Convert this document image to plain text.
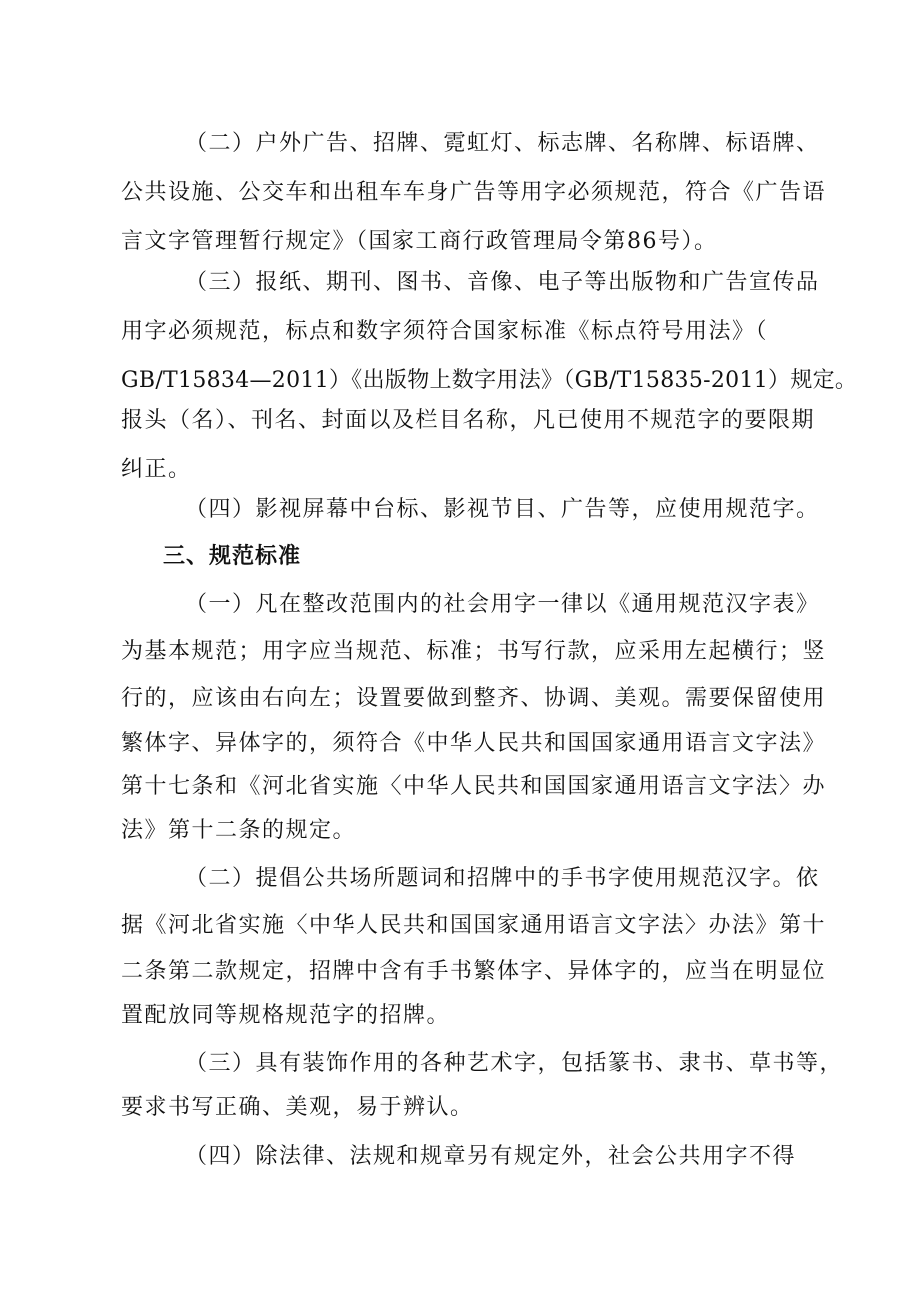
（二）户外广告、招牌、霓虹灯、标志牌、名称牌、标语牌、

公共设施、公交车和出租车车身广告等用字必须规范，符合《广告语

言文字管理暂行规定》（国家工商行政管理局令第86号）。

（三）报纸、期刊、图书、音像、电子等出版物和广告宣传品

用字必须规范，标点和数字须符合国家标准《标点符号用法》（

GB/T15834—2011）《出版物上数字用法》（GB/T15835-2011）规定。

报头（名）、刊名、封面以及栏目名称，凡已使用不规范字的要限期

纠正。

（四）影视屏幕中台标、影视节目、广告等，应使用规范字。

三、规范标准

（一）凡在整改范围内的社会用字一律以《通用规范汉字表》

为基本规范；用字应当规范、标准；书写行款，应采用左起横行；竖

行的，应该由右向左；设置要做到整齐、协调、美观。需要保留使用

繁体字、异体字的，须符合《中华人民共和国国家通用语言文字法》

第十七条和《河北省实施〈中华人民共和国国家通用语言文字法〉办

法》第十二条的规定。

（二）提倡公共场所题词和招牌中的手书字使用规范汉字。依

据《河北省实施〈中华人民共和国国家通用语言文字法〉办法》第十

二条第二款规定，招牌中含有手书繁体字、异体字的，应当在明显位

置配放同等规格规范字的招牌。

（三）具有装饰作用的各种艺术字，包括篆书、隶书、草书等，

要求书写正确、美观，易于辨认。

（四）除法律、法规和规章另有规定外，社会公共用字不得
